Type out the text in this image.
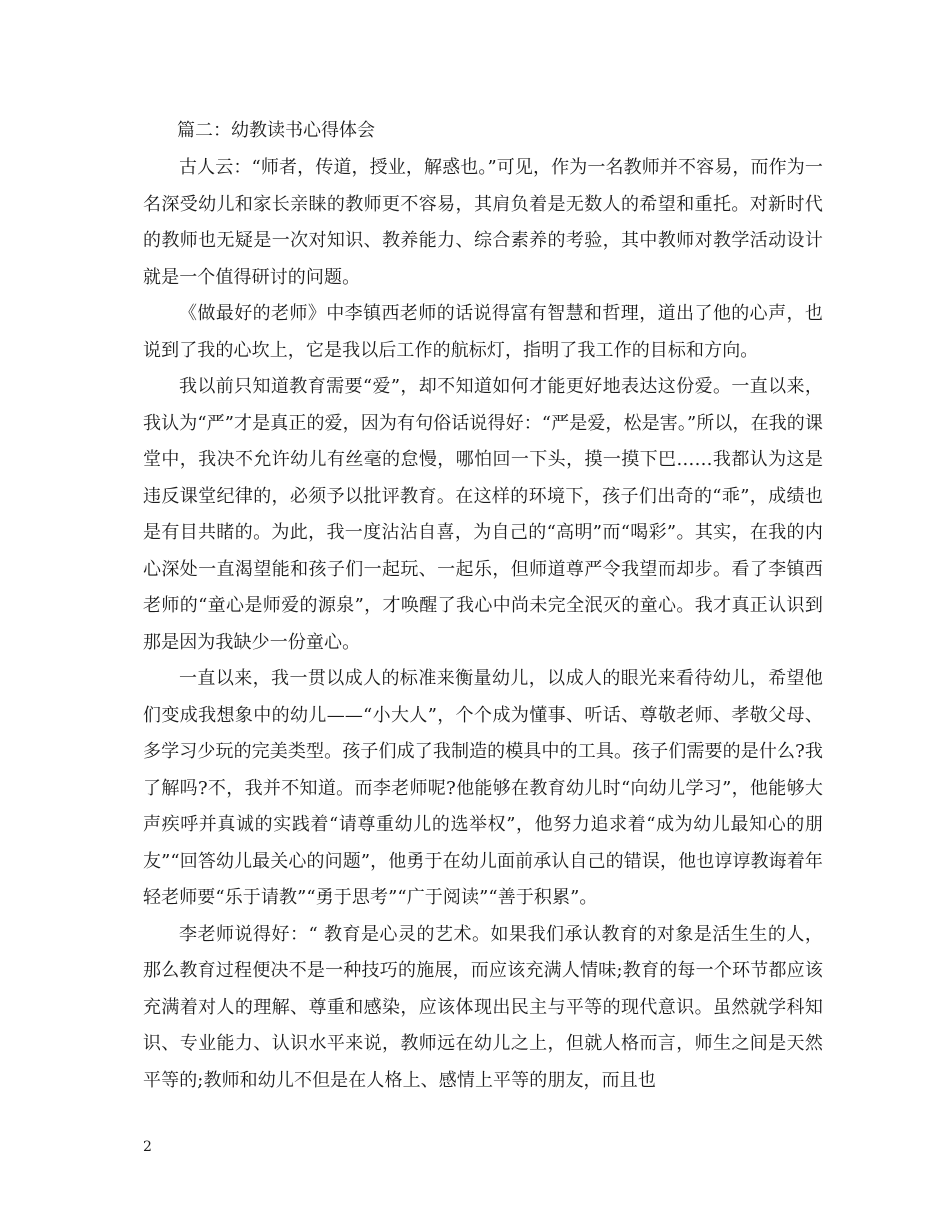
篇二：幼教读书心得体会

古人云：“师者，传道，授业，解惑也。”可见，作为一名教师并不容易，而作为一名深受幼儿和家长亲睐的教师更不容易，其肩负着是无数人的希望和重托。对新时代的教师也无疑是一次对知识、教养能力、综合素养的考验，其中教师对教学活动设计就是一个值得研讨的问题。

《做最好的老师》中李镇西老师的话说得富有智慧和哲理，道出了他的心声，也说到了我的心坎上，它是我以后工作的航标灯，指明了我工作的目标和方向。

我以前只知道教育需要“爱”，却不知道如何才能更好地表达这份爱。一直以来，我认为“严”才是真正的爱，因为有句俗话说得好：“严是爱，松是害。”所以，在我的课堂中，我决不允许幼儿有丝毫的怠慢，哪怕回一下头，摸一摸下巴……我都认为这是违反课堂纪律的，必须予以批评教育。在这样的环境下，孩子们出奇的“乖”，成绩也是有目共睹的。为此，我一度沾沾自喜，为自己的“高明”而“喝彩”。其实，在我的内心深处一直渴望能和孩子们一起玩、一起乐，但师道尊严令我望而却步。看了李镇西老师的“童心是师爱的源泉”，才唤醒了我心中尚未完全泯灭的童心。我才真正认识到那是因为我缺少一份童心。

一直以来，我一贯以成人的标准来衡量幼儿，以成人的眼光来看待幼儿，希望他们变成我想象中的幼儿——“小大人”，个个成为懂事、听话、尊敬老师、孝敬父母、多学习少玩的完美类型。孩子们成了我制造的模具中的工具。孩子们需要的是什么?我了解吗?不，我并不知道。而李老师呢?他能够在教育幼儿时“向幼儿学习”，他能够大声疾呼并真诚的实践着“请尊重幼儿的选举权”，他努力追求着“成为幼儿最知心的朋友”“回答幼儿最关心的问题”，他勇于在幼儿面前承认自己的错误，他也谆谆教诲着年轻老师要“乐于请教”“勇于思考”“广于阅读”“善于积累”。

李老师说得好：“ 教育是心灵的艺术。如果我们承认教育的对象是活生生的人，那么教育过程便决不是一种技巧的施展，而应该充满人情味;教育的每一个环节都应该充满着对人的理解、尊重和感染，应该体现出民主与平等的现代意识。虽然就学科知识、专业能力、认识水平来说，教师远在幼儿之上，但就人格而言，师生之间是天然平等的;教师和幼儿不但是在人格上、感情上平等的朋友，而且也

2
